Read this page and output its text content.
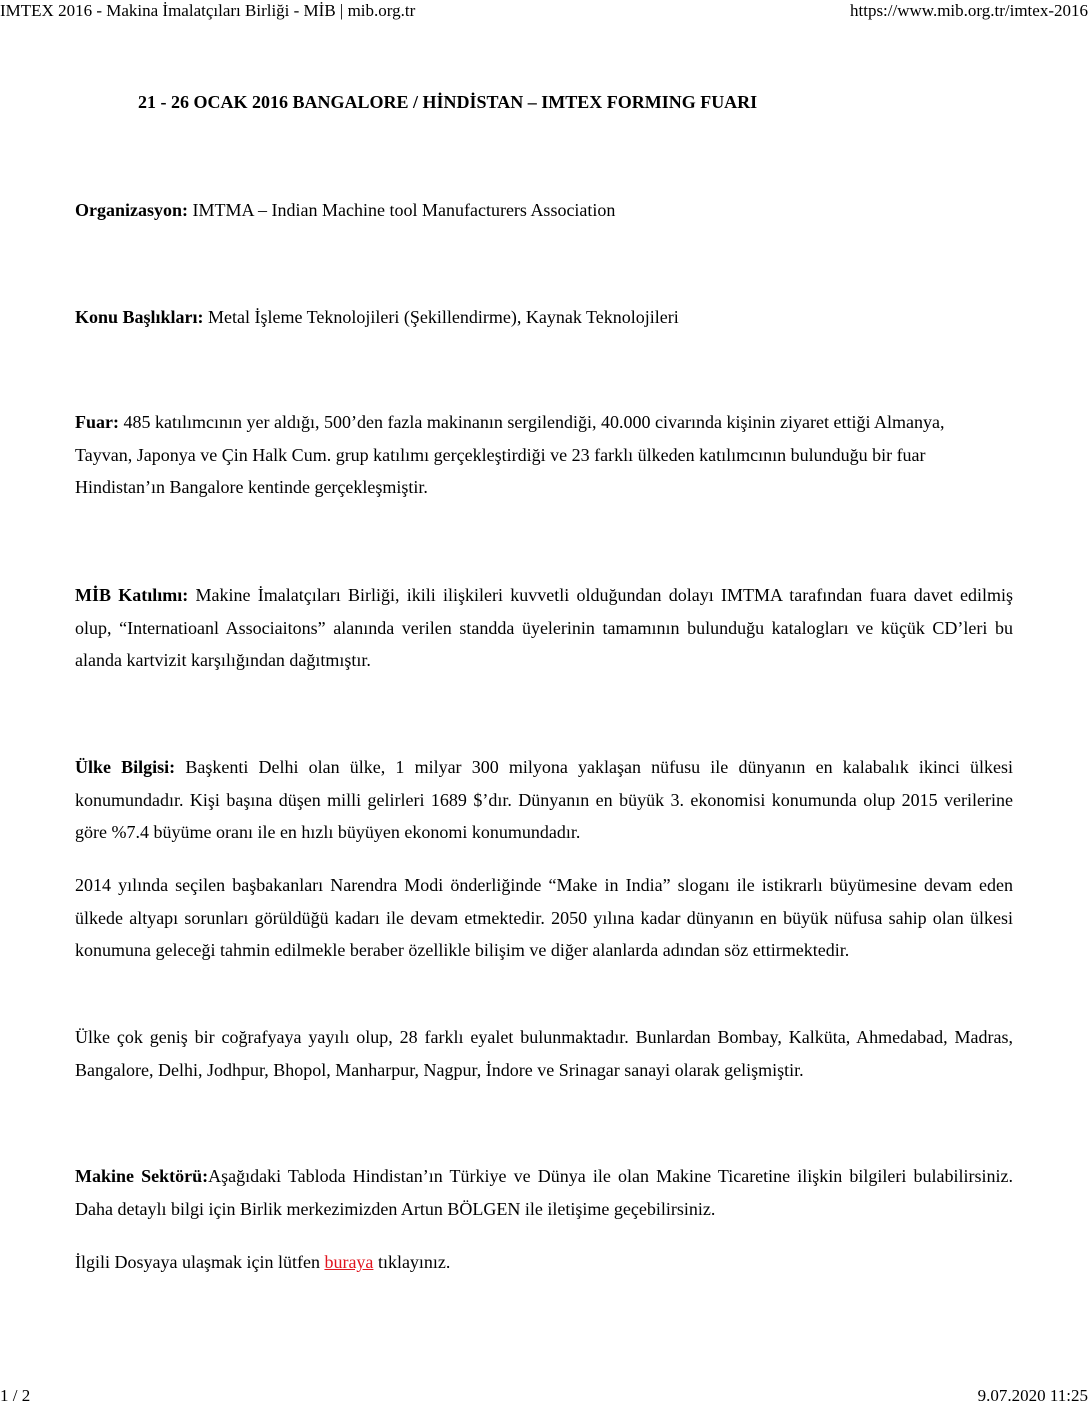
IMTEX 2016 - Makina İmalatçıları Birliği - MİB | mib.org.tr	https://www.mib.org.tr/imtex-2016
21 - 26 OCAK 2016 BANGALORE / HİNDİSTAN – IMTEX FORMING FUARI

Organizasyon: IMTMA – Indian Machine tool Manufacturers Association

Konu Başlıkları: Metal İşleme Teknolojileri (Şekillendirme), Kaynak Teknolojileri

Fuar: 485 katılımcının yer aldığı, 500’den fazla makinanın sergilendiği, 40.000 civarında kişinin ziyaret ettiği Almanya, Tayvan, Japonya ve Çin Halk Cum. grup katılımı gerçekleştirdiği ve 23 farklı ülkeden katılımcının bulunduğu bir fuar Hindistan’ın Bangalore kentinde gerçekleşmiştir.

MİB Katılımı: Makine İmalatçıları Birliği, ikili ilişkileri kuvvetli olduğundan dolayı IMTMA tarafından fuara davet edilmiş olup, “Internatioanl Associaitons” alanında verilen standda üyelerinin tamamının bulunduğu katalogları ve küçük CD’leri bu alanda kartvizit karşılığından dağıtmıştır.

Ülke Bilgisi: Başkenti Delhi olan ülke, 1 milyar 300 milyona yaklaşan nüfusu ile dünyanın en kalabalık ikinci ülkesi konumundadır. Kişi başına düşen milli gelirleri 1689 $’dır. Dünyanın en büyük 3. ekonomisi konumunda olup 2015 verilerine göre %7.4 büyüme oranı ile en hızlı büyüyen ekonomi konumundadır.

2014 yılında seçilen başbakanları Narendra Modi önderliğinde “Make in India” sloganı ile istikrarlı büyümesine devam eden ülkede altyapı sorunları görüldüğü kadarı ile devam etmektedir. 2050 yılına kadar dünyanın en büyük nüfusa sahip olan ülkesi konumuna geleceği tahmin edilmekle beraber özellikle bilişim ve diğer alanlarda adından söz ettirmektedir.

Ülke çok geniş bir coğrafyaya yayılı olup, 28 farklı eyalet bulunmaktadır. Bunlardan Bombay, Kalküta, Ahmedabad, Madras, Bangalore, Delhi, Jodhpur, Bhopol, Manharpur, Nagpur, İndore ve Srinagar sanayi olarak gelişmiştir.

Makine Sektörü:Aşağıdaki Tabloda Hindistan’ın Türkiye ve Dünya ile olan Makine Ticaretine ilişkin bilgileri bulabilirsiniz. Daha detaylı bilgi için Birlik merkezimizden Artun BÖLGEN ile iletişime geçebilirsiniz.

İlgili Dosyaya ulaşmak için lütfen buraya tıklayınız.

1 / 2	9.07.2020 11:25
